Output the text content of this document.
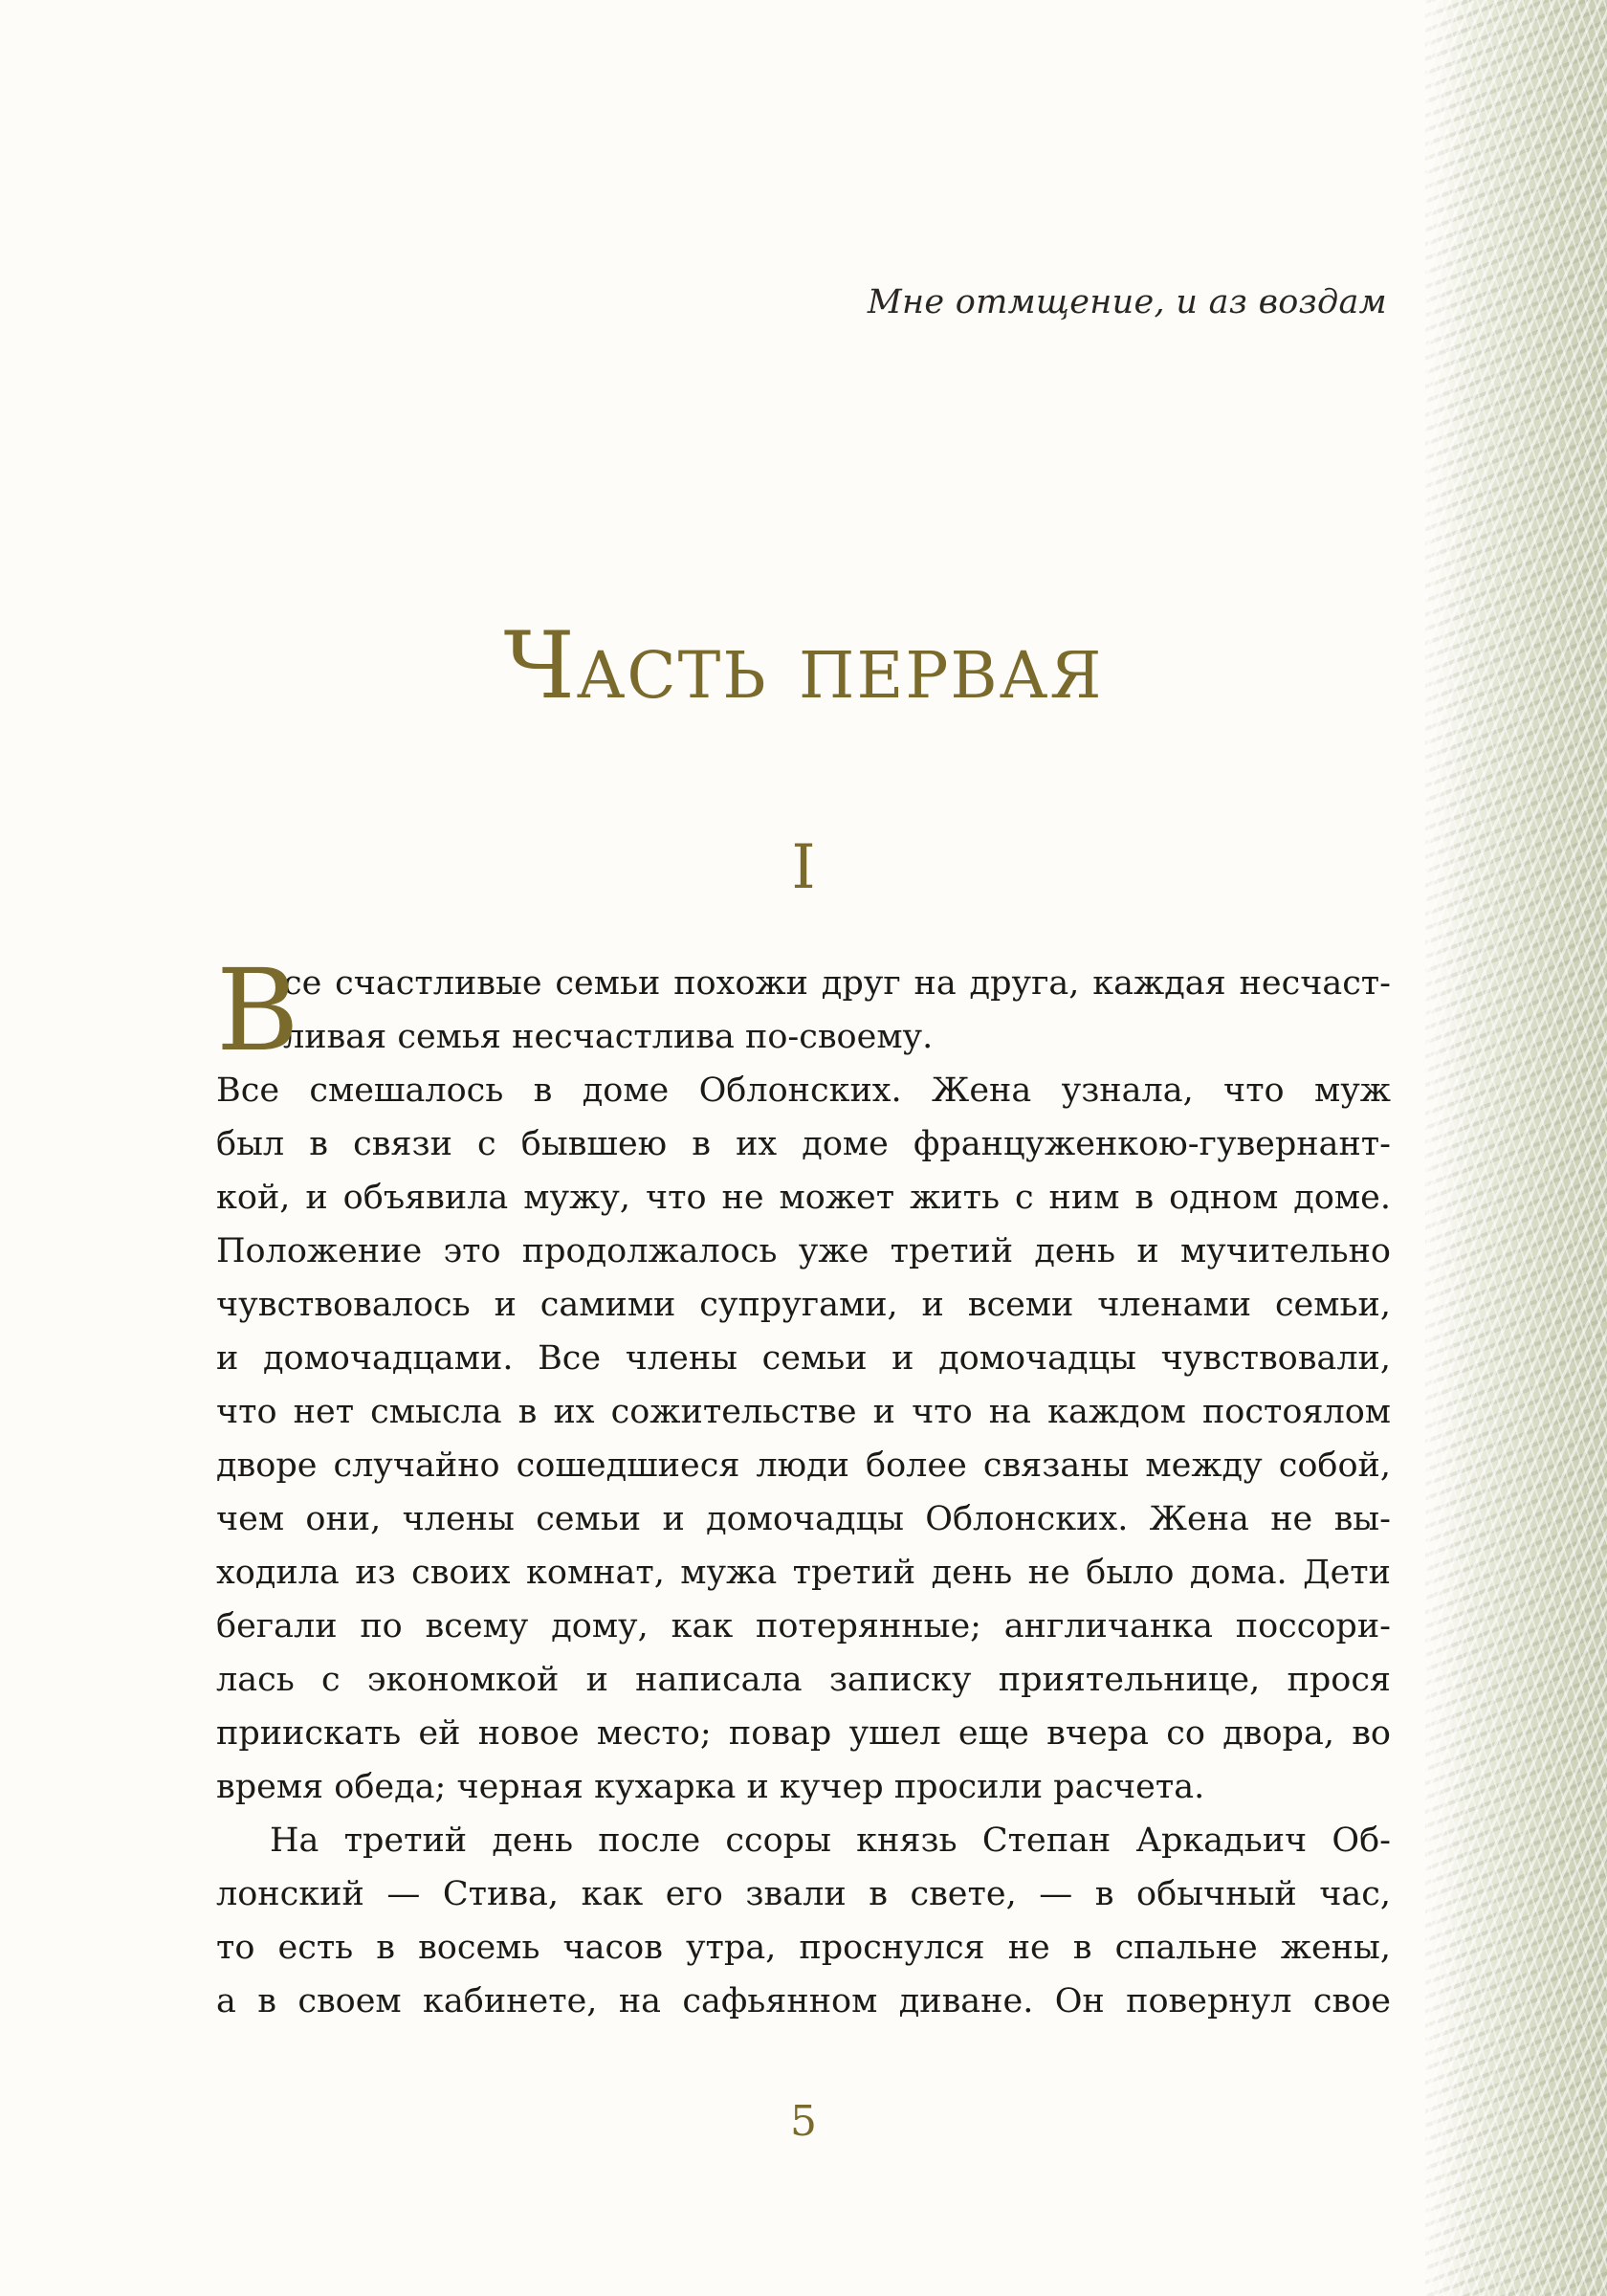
Мне отмщение, и аз воздам
Часть первая
I
В
се счастливые семьи похожи друг на друга, каждая несчаст-
ливая семья несчастлива по-своему.
Все смешалось в доме Облонских. Жена узнала, что муж
был в связи с бывшею в их доме француженкою-гувернант-
кой, и объявила мужу, что не может жить с ним в одном доме.
Положение это продолжалось уже третий день и мучительно
чувствовалось и самими супругами, и всеми членами семьи,
и домочадцами. Все члены семьи и домочадцы чувствовали,
что нет смысла в их сожительстве и что на каждом постоялом
дворе случайно сошедшиеся люди более связаны между собой,
чем они, члены семьи и домочадцы Облонских. Жена не вы-
ходила из своих комнат, мужа третий день не было дома. Дети
бегали по всему дому, как потерянные; англичанка поссори-
лась с экономкой и написала записку приятельнице, прося
приискать ей новое место; повар ушел еще вчера со двора, во
время обеда; черная кухарка и кучер просили расчета.
На третий день после ссоры князь Степан Аркадьич Об-
лонский — Стива, как его звали в свете, — в обычный час,
то есть в восемь часов утра, проснулся не в спальне жены,
а в своем кабинете, на сафьянном диване. Он повернул свое
5
